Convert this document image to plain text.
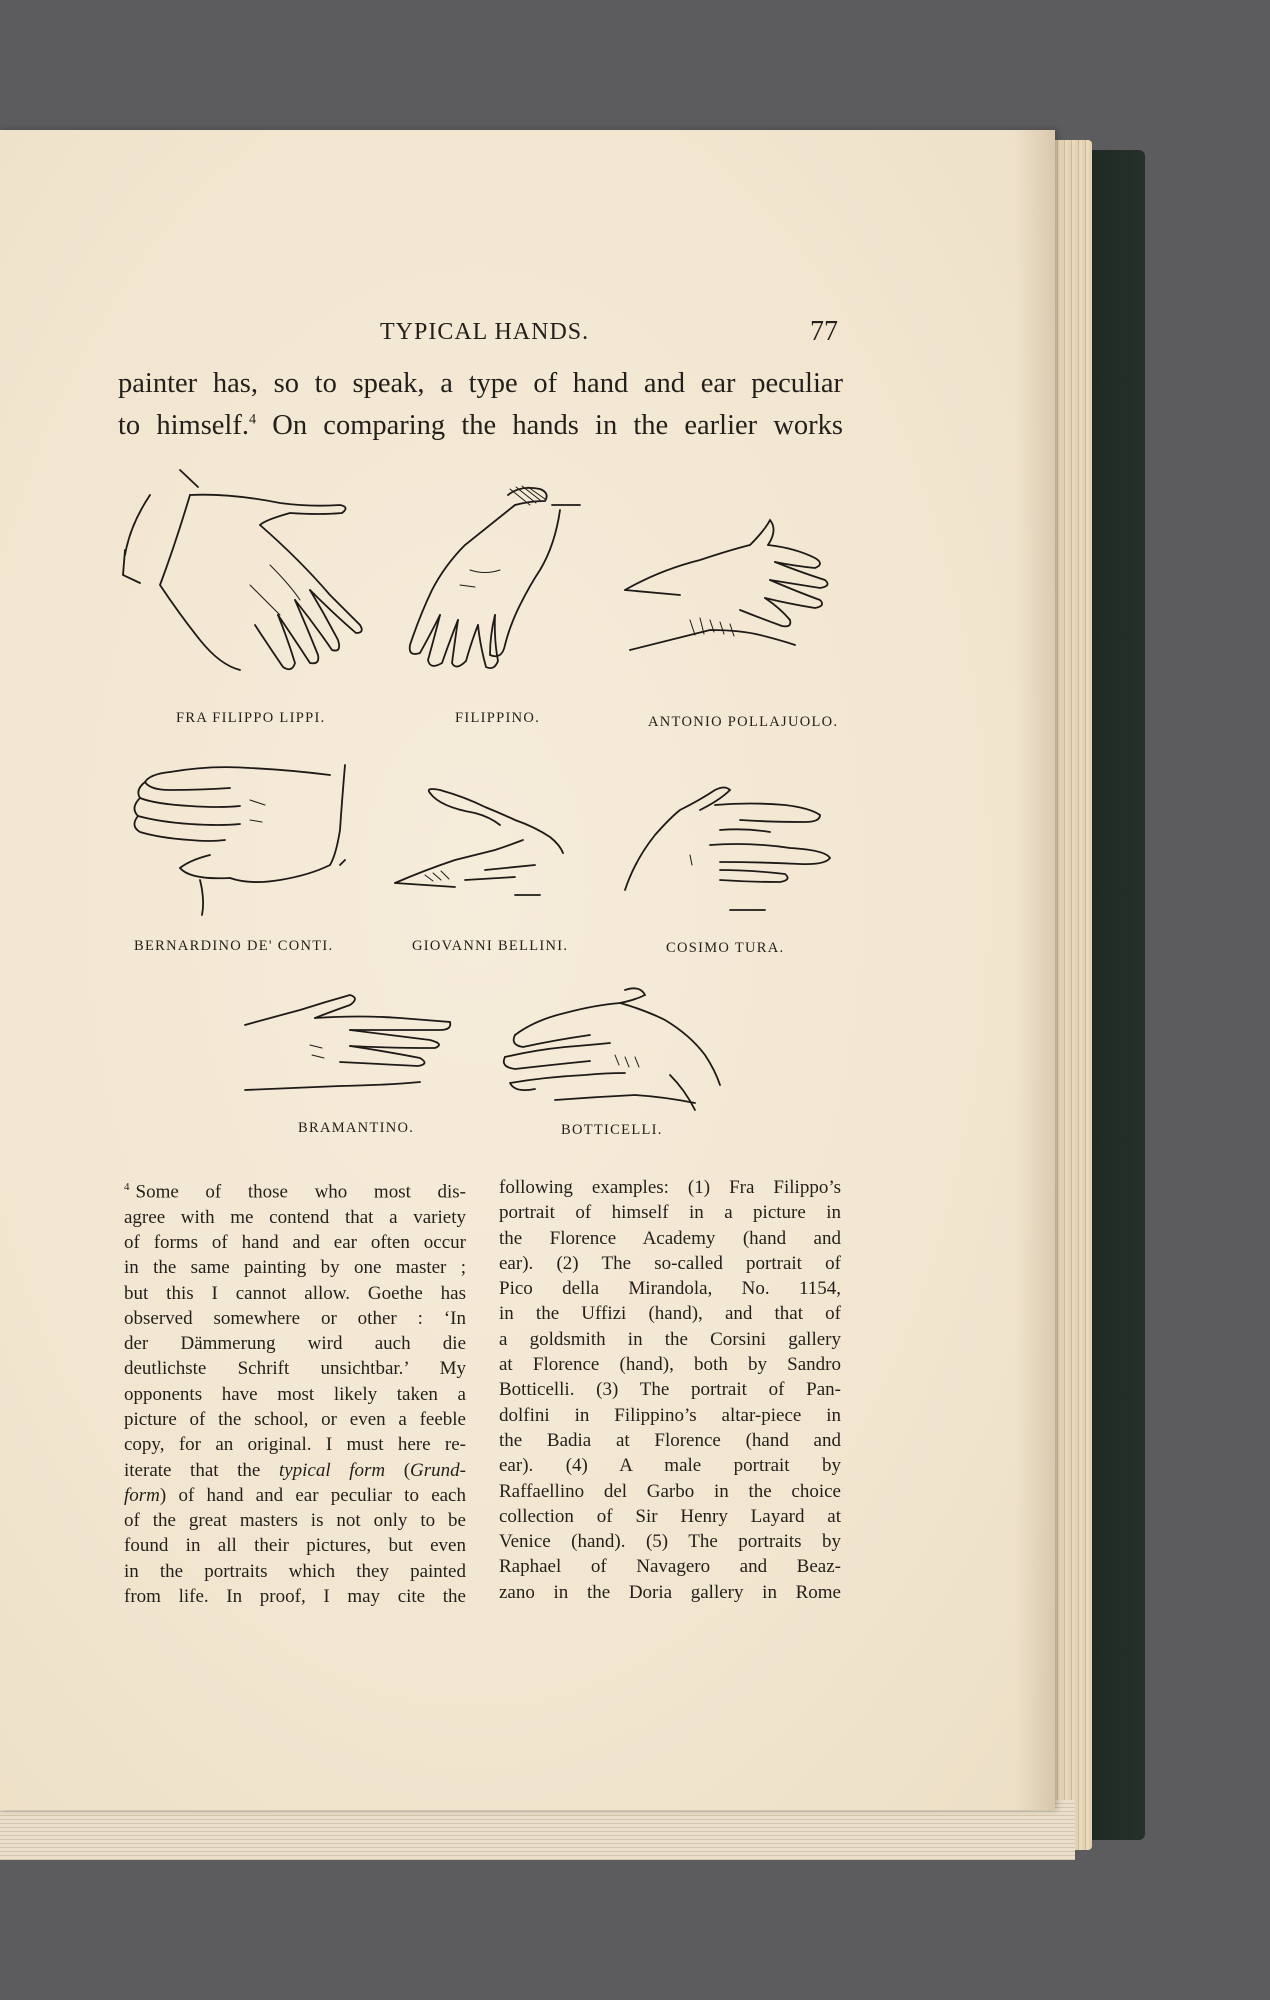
TYPICAL HANDS.	77
painter has, so to speak, a type of hand and ear peculiar
to himself.$^4$ On comparing the hands in the earlier works
FRA FILIPPO LIPPI.	FILIPPINO.	ANTONIO POLLAJUOLO.
BERNARDINO DE' CONTI.	GIOVANNI BELLINI.	COSIMO TURA.
BRAMANTINO.	BOTTICELLI.
$^4$ Some of those who most dis-
agree with me contend that a variety
of forms of hand and ear often occur
in the same painting by one master ;
but this I cannot allow. Goethe has
observed somewhere or other : ‘In
der Dämmerung wird auch die
deutlichste Schrift unsichtbar.’ My
opponents have most likely taken a
picture of the school, or even a feeble
copy, for an original. I must here re-
iterate that the typical form (Grund-
form) of hand and ear peculiar to each
of the great masters is not only to be
found in all their pictures, but even
in the portraits which they painted
from life. In proof, I may cite the
following examples: (1) Fra Filippo’s
portrait of himself in a picture in
the Florence Academy (hand and
ear). (2) The so-called portrait of
Pico della Mirandola, No. 1154,
in the Uffizi (hand), and that of
a goldsmith in the Corsini gallery
at Florence (hand), both by Sandro
Botticelli. (3) The portrait of Pan-
dolfini in Filippino’s altar-piece in
the Badia at Florence (hand and
ear). (4) A male portrait by
Raffaellino del Garbo in the choice
collection of Sir Henry Layard at
Venice (hand). (5) The portraits by
Raphael of Navagero and Beaz-
zano in the Doria gallery in Rome
